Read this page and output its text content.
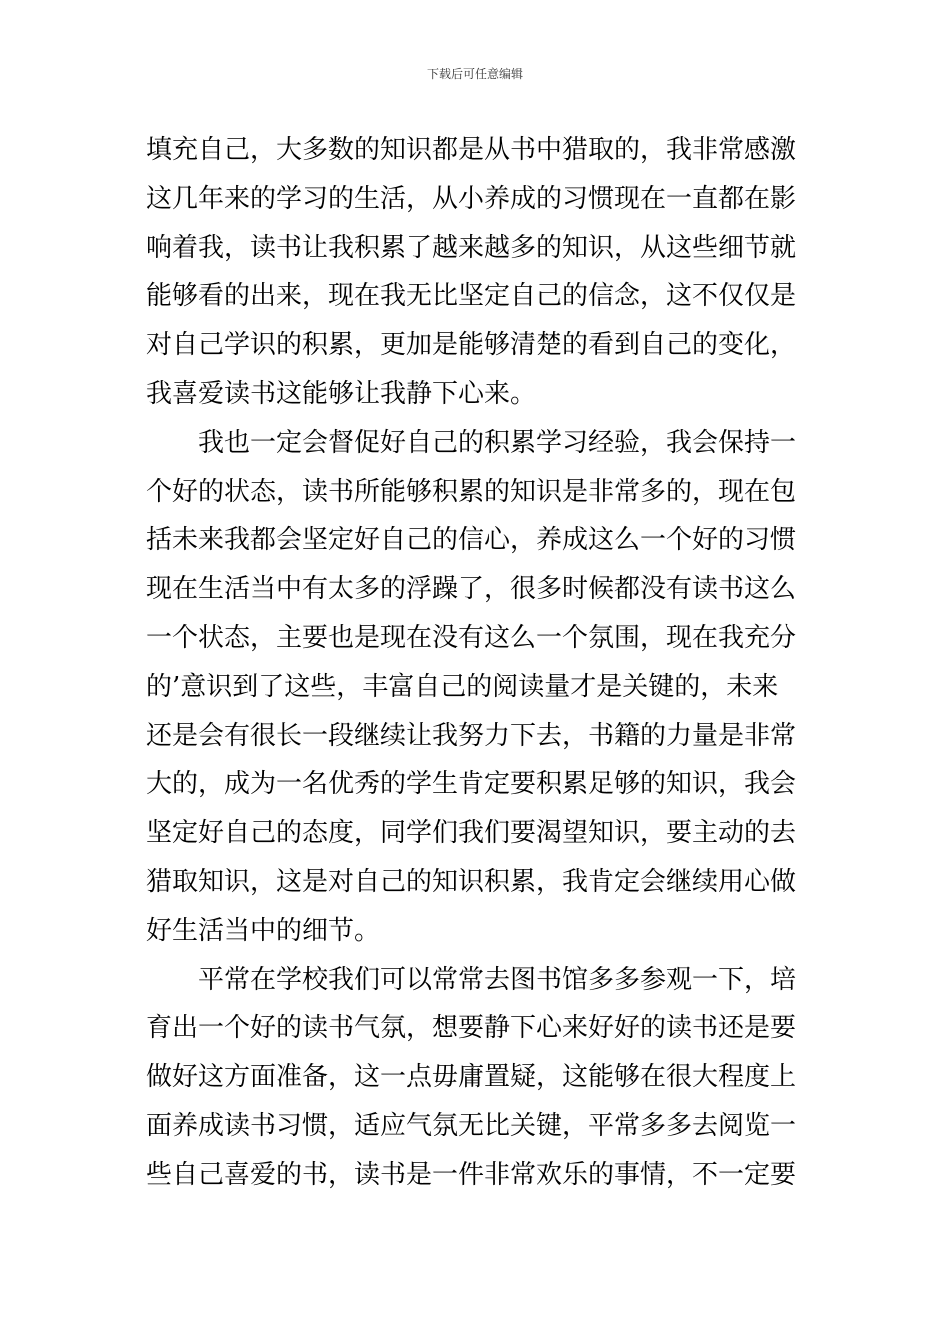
下载后可任意编辑
填充自己，大多数的知识都是从书中猎取的，我非常感激
这几年来的学习的生活，从小养成的习惯现在一直都在影
响着我，读书让我积累了越来越多的知识，从这些细节就
能够看的出来，现在我无比坚定自己的信念，这不仅仅是
对自己学识的积累，更加是能够清楚的看到自己的变化，
我喜爱读书这能够让我静下心来。
　　我也一定会督促好自己的积累学习经验，我会保持一
个好的状态，读书所能够积累的知识是非常多的，现在包
括未来我都会坚定好自己的信心，养成这么一个好的习惯
现在生活当中有太多的浮躁了，很多时候都没有读书这么
一个状态，主要也是现在没有这么一个氛围，现在我充分
的’意识到了这些，丰富自己的阅读量才是关键的，未来
还是会有很长一段继续让我努力下去，书籍的力量是非常
大的，成为一名优秀的学生肯定要积累足够的知识，我会
坚定好自己的态度，同学们我们要渴望知识，要主动的去
猎取知识，这是对自己的知识积累，我肯定会继续用心做
好生活当中的细节。
　　平常在学校我们可以常常去图书馆多多参观一下，培
育出一个好的读书气氛，想要静下心来好好的读书还是要
做好这方面准备，这一点毋庸置疑，这能够在很大程度上
面养成读书习惯，适应气氛无比关键，平常多多去阅览一
些自己喜爱的书，读书是一件非常欢乐的事情，不一定要
